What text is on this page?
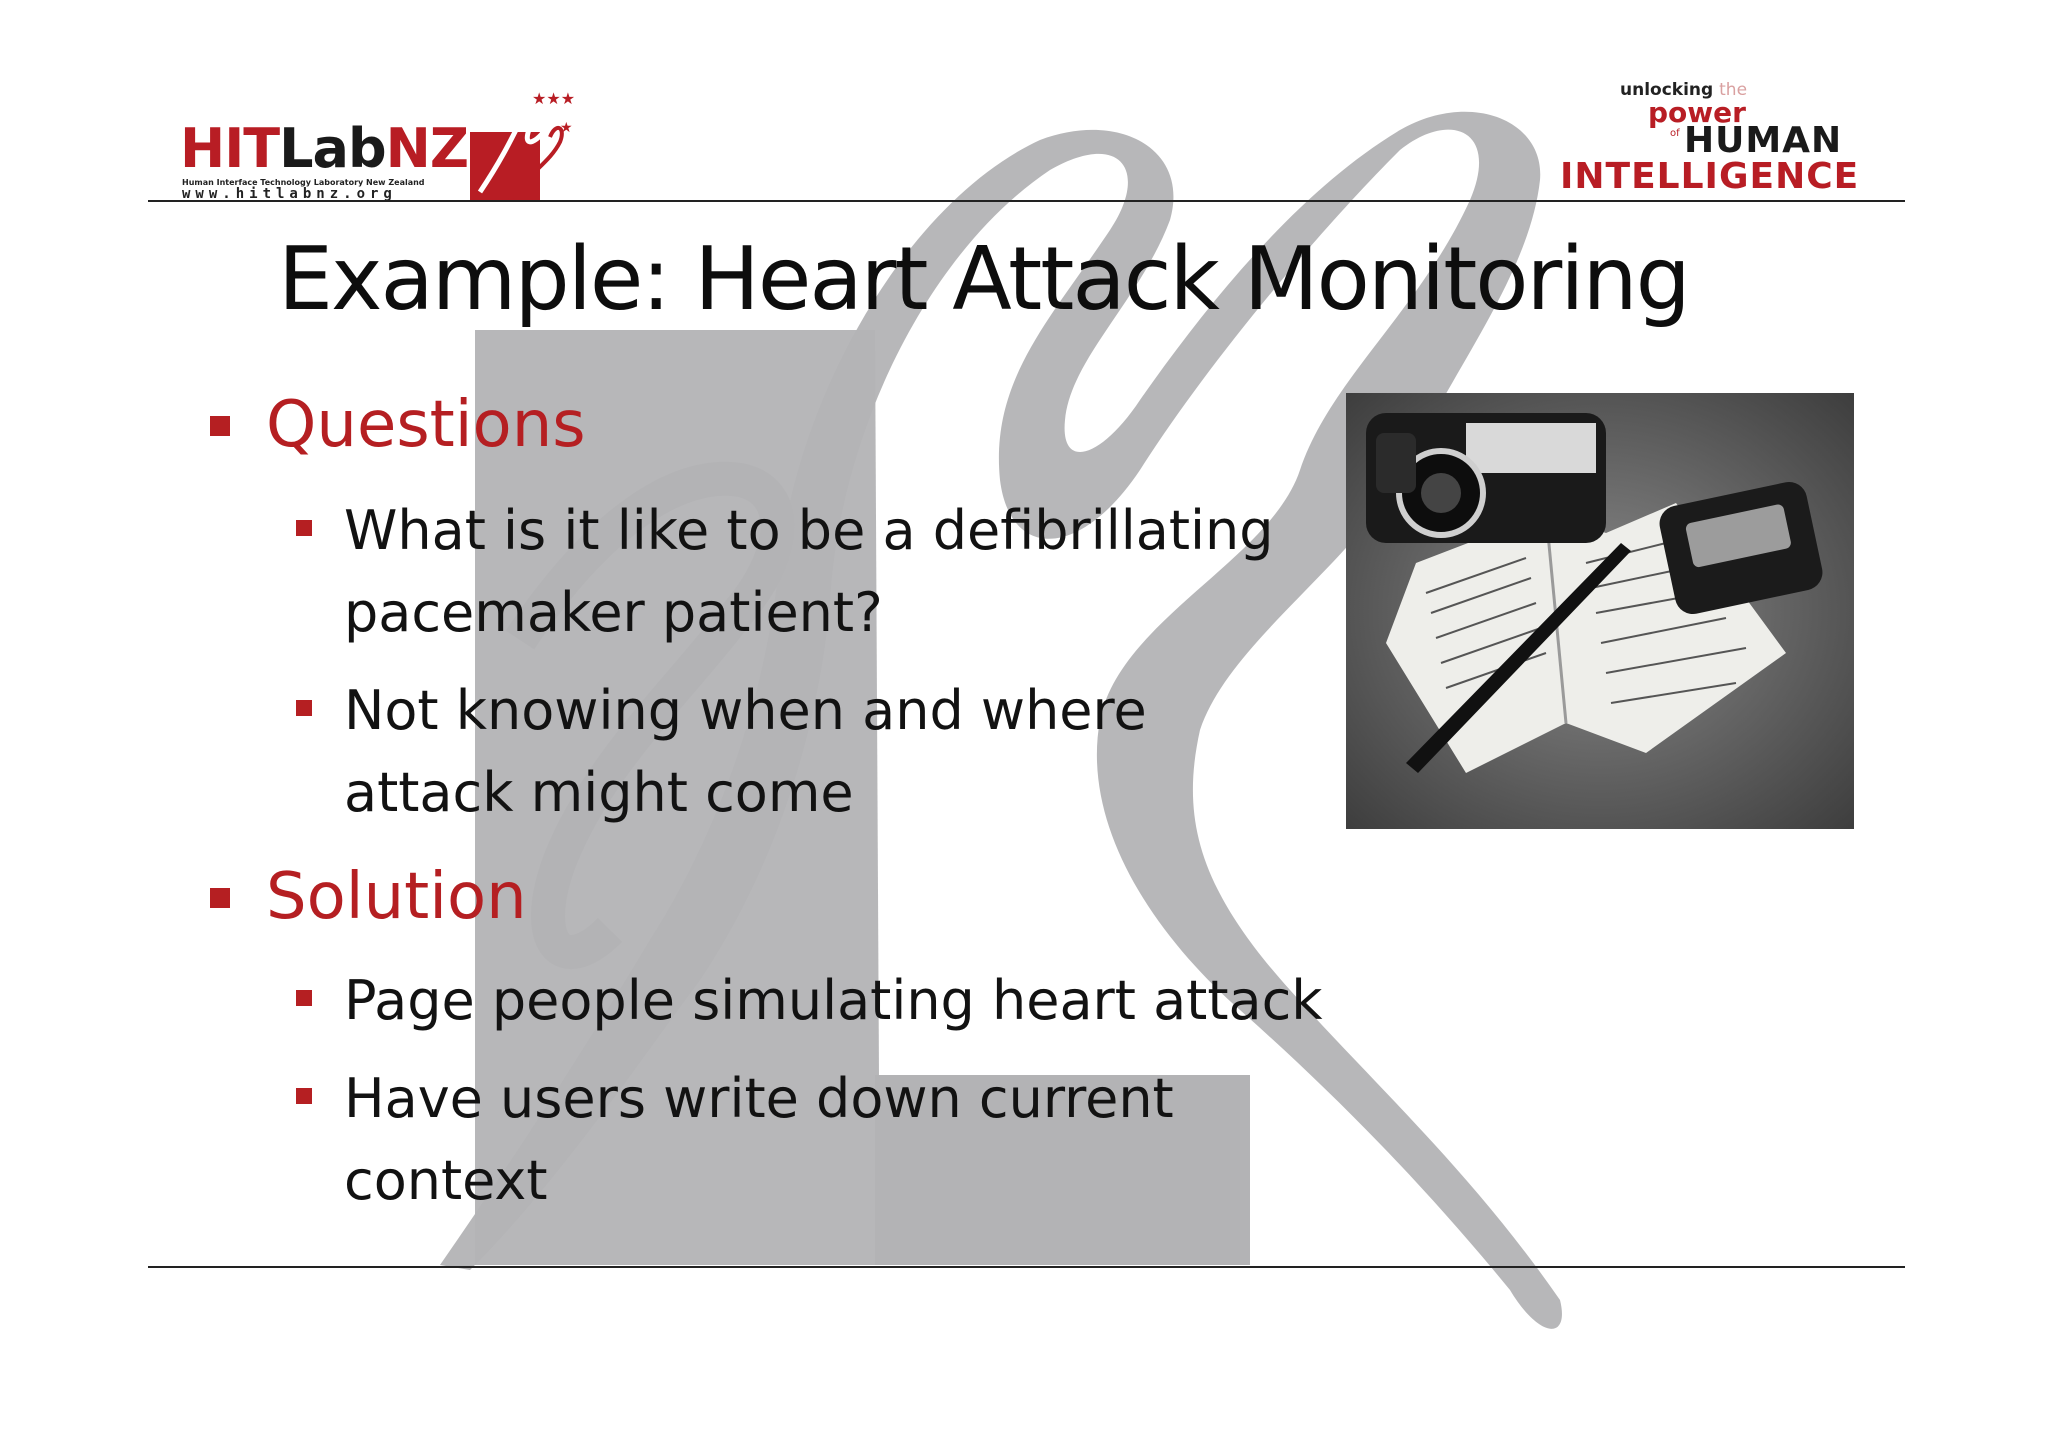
HITLabNZ
Human Interface Technology Laboratory New Zealand
www.hitlabnz.org
★★★
★
unlocking the
power
of HUMAN
INTELLIGENCE
Example: Heart Attack Monitoring
Questions
What is it like to be a defibrillating
pacemaker patient?
Not knowing when and where
attack might come
Solution
Page people simulating heart attack
Have users write down current
context
